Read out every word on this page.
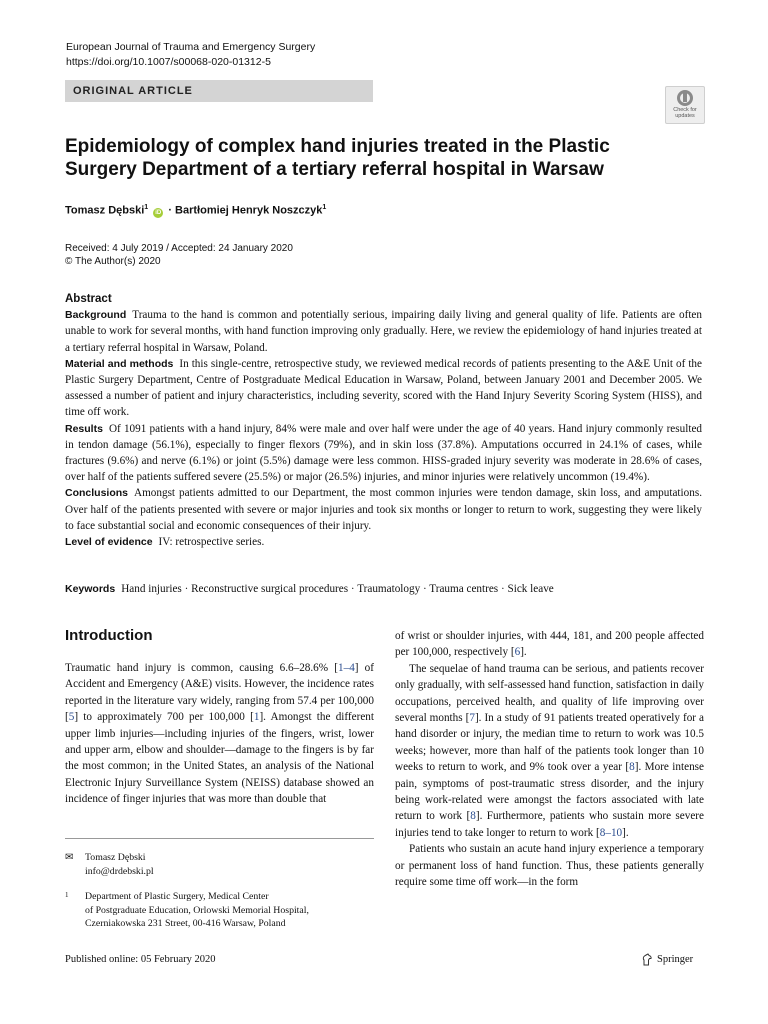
European Journal of Trauma and Emergency Surgery
https://doi.org/10.1007/s00068-020-01312-5
ORIGINAL ARTICLE
Check for
updates
Epidemiology of complex hand injuries treated in the Plastic Surgery Department of a tertiary referral hospital in Warsaw
Tomasz Dębski$^1$ iD · Bartłomiej Henryk Noszczyk$^1$
Received: 4 July 2019 / Accepted: 24 January 2020
© The Author(s) 2020
Abstract

Background Trauma to the hand is common and potentially serious, impairing daily living and general quality of life. Patients are often unable to work for several months, with hand function improving only gradually. Here, we review the epidemiology of hand injuries treated at a tertiary referral hospital in Warsaw, Poland.

Material and methods In this single-centre, retrospective study, we reviewed medical records of patients presenting to the A&E Unit of the Plastic Surgery Department, Centre of Postgraduate Medical Education in Warsaw, Poland, between January 2001 and December 2005. We assessed a number of patient and injury characteristics, including severity, scored with the Hand Injury Severity Scoring System (HISS), and time off work.

Results Of 1091 patients with a hand injury, 84% were male and over half were under the age of 40 years. Hand injury commonly resulted in tendon damage (56.1%), especially to finger flexors (79%), and in skin loss (37.8%). Amputations occurred in 24.1% of cases, while fractures (9.6%) and nerve (6.1%) or joint (5.5%) damage were less common. HISS-graded injury severity was moderate in 28.6% of cases, over half of the patients suffered severe (25.5%) or major (26.5%) injuries, and minor injuries were relatively uncommon (19.4%).

Conclusions Amongst patients admitted to our Department, the most common injuries were tendon damage, skin loss, and amputations. Over half of the patients presented with severe or major injuries and took six months or longer to return to work, suggesting they were likely to face substantial social and economic consequences of their injury.

Level of evidence IV: retrospective series.

Keywords Hand injuries · Reconstructive surgical procedures · Traumatology · Trauma centres · Sick leave
Introduction

Traumatic hand injury is common, causing 6.6–28.6% [1–4] of Accident and Emergency (A&E) visits. However, the incidence rates reported in the literature vary widely, ranging from 57.4 per 100,000 [5] to approximately 700 per 100,000 [1]. Amongst the different upper limb injuries—including injuries of the fingers, wrist, lower and upper arm, elbow and shoulder—damage to the fingers is by far the most common; in the United States, an analysis of the National Electronic Injury Surveillance System (NEISS) database showed an incidence of finger injuries that was more than double that

of wrist or shoulder injuries, with 444, 181, and 200 people affected per 100,000, respectively [6].

The sequelae of hand trauma can be serious, and patients recover only gradually, with self-assessed hand function, satisfaction in daily occupations, perceived health, and quality of life improving over several months [7]. In a study of 91 patients treated operatively for a hand disorder or injury, the median time to return to work was 10.5 weeks; however, more than half of the patients took longer than 10 weeks to return to work, and 9% took over a year [8]. More intense pain, symptoms of post-traumatic stress disorder, and the injury being work-related were amongst the factors associated with late return to work [8]. Furthermore, patients who sustain more severe injuries tend to take longer to return to work [8–10].

Patients who sustain an acute hand injury experience a temporary or permanent loss of hand function. Thus, these patients generally require some time off work—in the form

✉	Tomasz Dębski
info@drdebski.pl
1	Department of Plastic Surgery, Medical Center
of Postgraduate Education, Orlowski Memorial Hospital,
Czerniakowska 231 Street, 00-416 Warsaw, Poland
Published online: 05 February 2020	Springer
